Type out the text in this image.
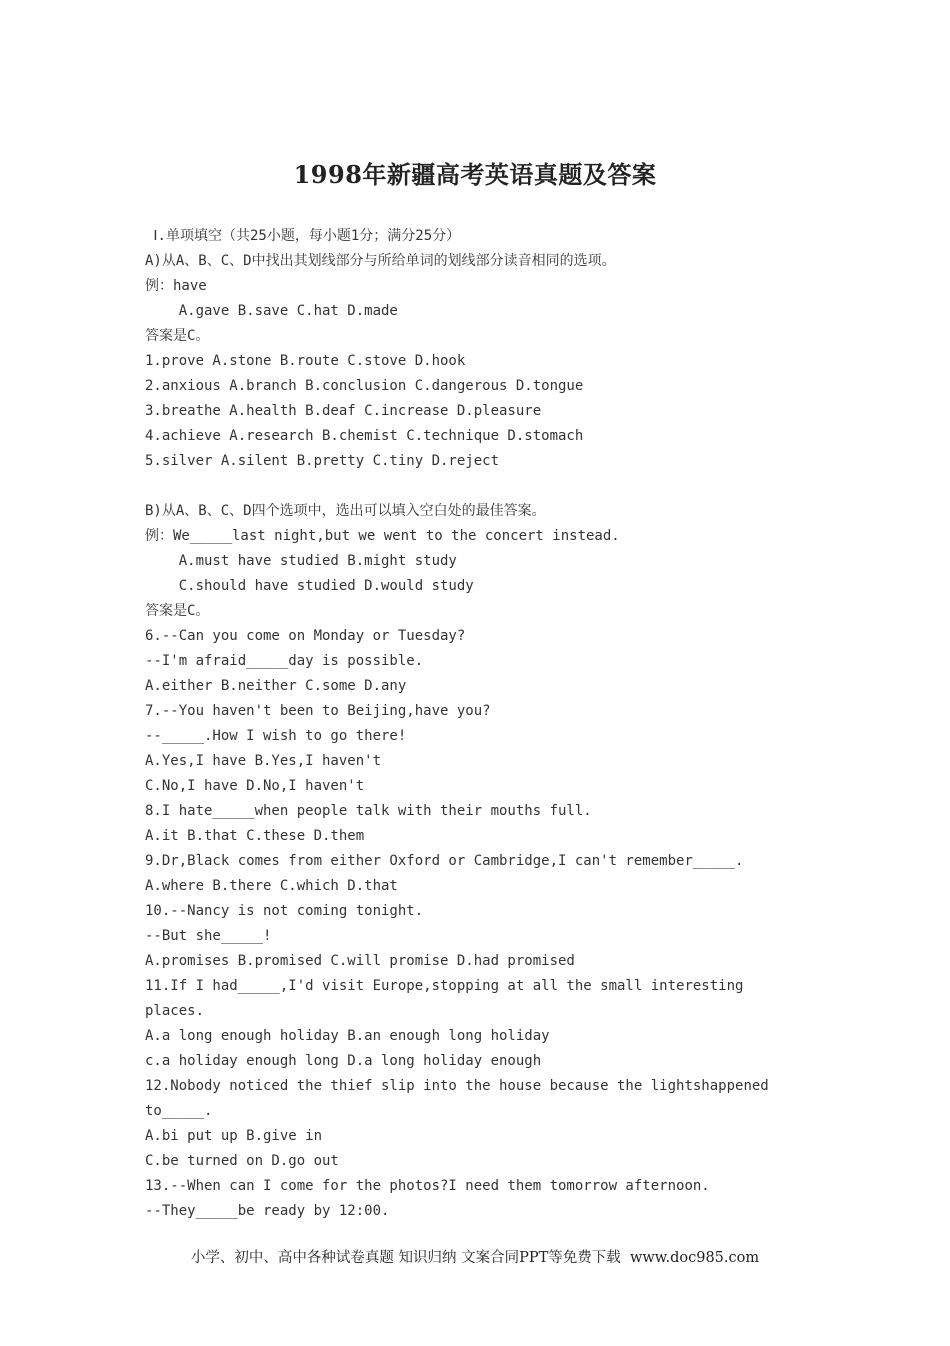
1998年新疆高考英语真题及答案
Ⅰ.单项填空（共25小题，每小题1分；满分25分）
A)从A、B、C、D中找出其划线部分与所给单词的划线部分读音相同的选项。
例：have
A.gave B.save C.hat D.made
答案是C。
1.prove A.stone B.route C.stove D.hook
2.anxious A.branch B.conclusion C.dangerous D.tongue
3.breathe A.health B.deaf C.increase D.pleasure
4.achieve A.research B.chemist C.technique D.stomach
5.silver A.silent B.pretty C.tiny D.reject
B)从A、B、C、D四个选项中，选出可以填入空白处的最佳答案。
例：We_____last night,but we went to the concert instead.
A.must have studied B.might study
C.should have studied D.would study
答案是C。
6.--Can you come on Monday or Tuesday?
--I'm afraid_____day is possible.
A.either B.neither C.some D.any
7.--You haven't been to Beijing,have you?
--_____.How I wish to go there!
A.Yes,I have B.Yes,I haven't
C.No,I have D.No,I haven't
8.I hate_____when people talk with their mouths full.
A.it B.that C.these D.them
9.Dr,Black comes from either Oxford or Cambridge,I can't remember_____.
A.where B.there C.which D.that
10.--Nancy is not coming tonight.
--But she_____!
A.promises B.promised C.will promise D.had promised
11.If I had_____,I'd visit Europe,stopping at all the small interesting
places.
A.a long enough holiday B.an enough long holiday
c.a holiday enough long D.a long holiday enough
12.Nobody noticed the thief slip into the house because the lightshappened
to_____.
A.bi put up B.give in
C.be turned on D.go out
13.--When can I come for the photos?I need them tomorrow afternoon.
--They_____be ready by 12:00.
小学、初中、高中各种试卷真题 知识归纳 文案合同PPT等免费下载  www.doc985.com
